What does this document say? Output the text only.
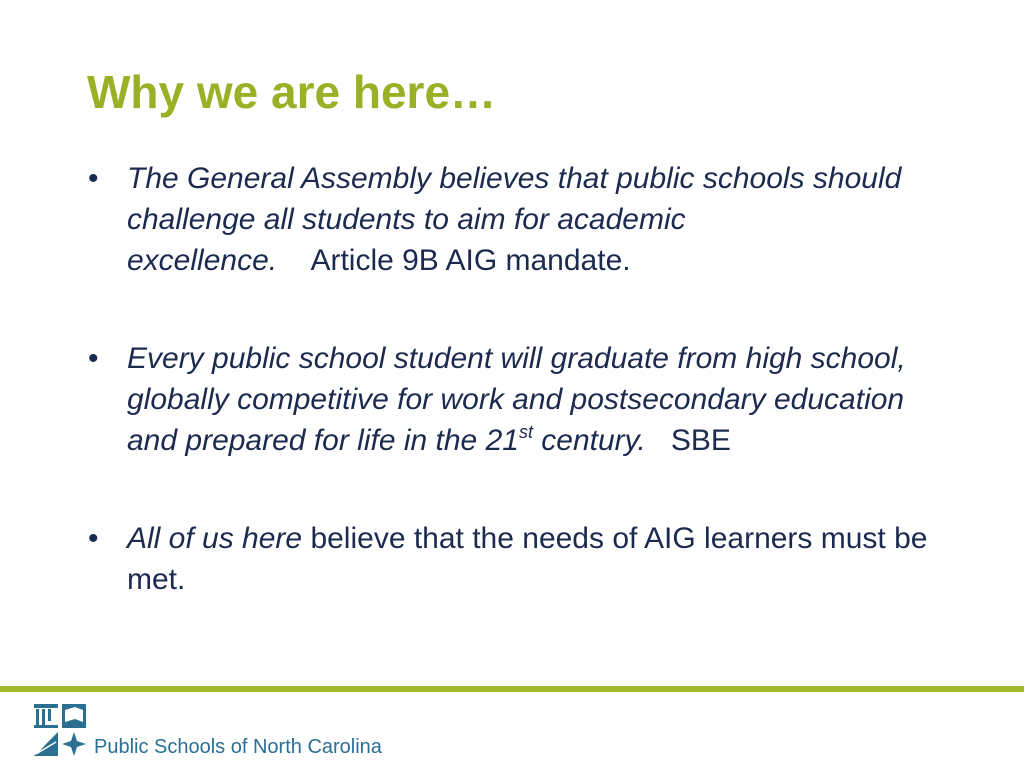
Why we are here…
• The General Assembly believes that public schools should challenge all students to aim for academic excellence. Article 9B AIG mandate.
• Every public school student will graduate from high school, globally competitive for work and postsecondary education and prepared for life in the 21st century. SBE
• All of us here believe that the needs of AIG learners must be met.
Public Schools of North Carolina
